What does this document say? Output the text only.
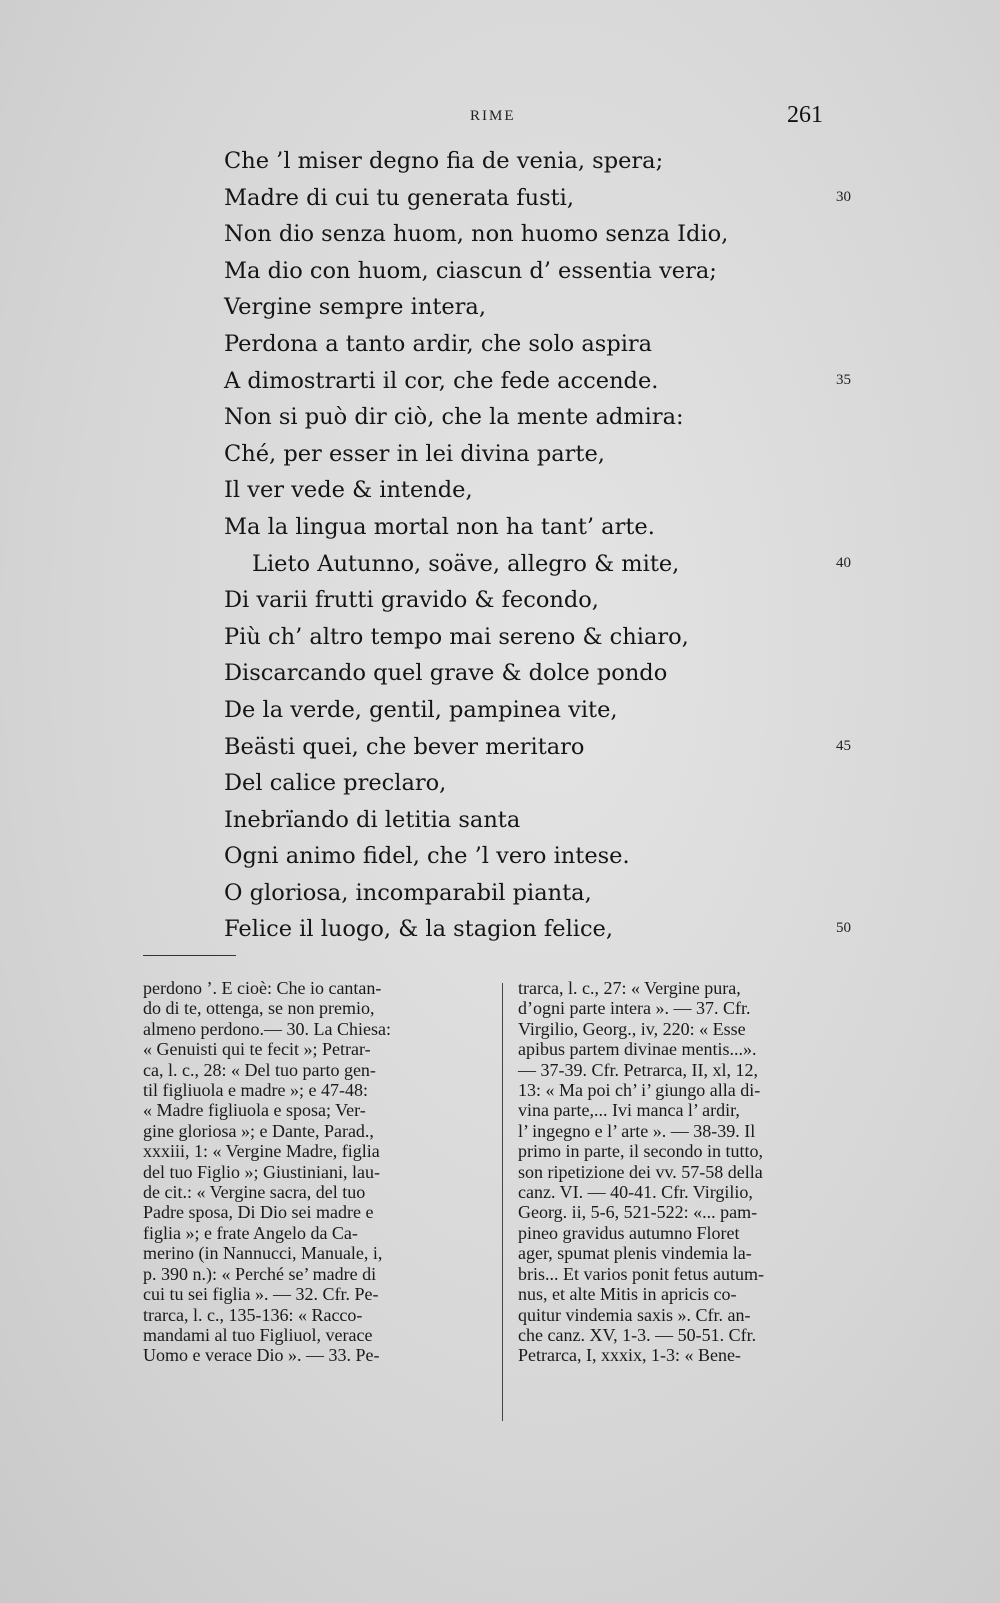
RIME	261
Che ’l miser degno fia de venia, spera;
Madre di cui tu generata fusti,	30
Non dio senza huom, non huomo senza Idio,
Ma dio con huom, ciascun d’ essentia vera;
Vergine sempre intera,
Perdona a tanto ardir, che solo aspira
A dimostrarti il cor, che fede accende.	35
Non si può dir ciò, che la mente admira:
Ché, per esser in lei divina parte,
Il ver vede & intende,
Ma la lingua mortal non ha tant’ arte.
Lieto Autunno, soäve, allegro & mite,	40
Di varii frutti gravido & fecondo,
Più ch’ altro tempo mai sereno & chiaro,
Discarcando quel grave & dolce pondo
De la verde, gentil, pampinea vite,
Beästi quei, che bever meritaro	45
Del calice preclaro,
Inebrïando di letitia santa
Ogni animo fidel, che ’l vero intese.
O gloriosa, incomparabil pianta,
Felice il luogo, & la stagion felice,	50
perdono ’. E cioè: Che io cantan-
do di te, ottenga, se non premio,
almeno perdono.— 30. La Chiesa:
« Genuisti qui te fecit »; Petrar-
ca, l. c., 28: « Del tuo parto gen-
til figliuola e madre »; e 47-48:
« Madre figliuola e sposa; Ver-
gine gloriosa »; e Dante, Parad.,
xxxiii, 1: « Vergine Madre, figlia
del tuo Figlio »; Giustiniani, lau-
de cit.: « Vergine sacra, del tuo
Padre sposa, Di Dio sei madre e
figlia »; e frate Angelo da Ca-
merino (in Nannucci, Manuale, i,
p. 390 n.): « Perché se’ madre di
cui tu sei figlia ». — 32. Cfr. Pe-
trarca, l. c., 135-136: « Racco-
mandami al tuo Figliuol, verace
Uomo e verace Dio ». — 33. Pe-
trarca, l. c., 27: « Vergine pura,
d’ogni parte intera ». — 37. Cfr.
Virgilio, Georg., iv, 220: « Esse
apibus partem divinae mentis...».
— 37-39. Cfr. Petrarca, II, xl, 12,
13: « Ma poi ch’ i’ giungo alla di-
vina parte,... Ivi manca l’ ardir,
l’ ingegno e l’ arte ». — 38-39. Il
primo in parte, il secondo in tutto,
son ripetizione dei vv. 57-58 della
canz. VI. — 40-41. Cfr. Virgilio,
Georg. ii, 5-6, 521-522: «... pam-
pineo gravidus autumno Floret
ager, spumat plenis vindemia la-
bris... Et varios ponit fetus autum-
nus, et alte Mitis in apricis co-
quitur vindemia saxis ». Cfr. an-
che canz. XV, 1-3. — 50-51. Cfr.
Petrarca, I, xxxix, 1-3: « Bene-
